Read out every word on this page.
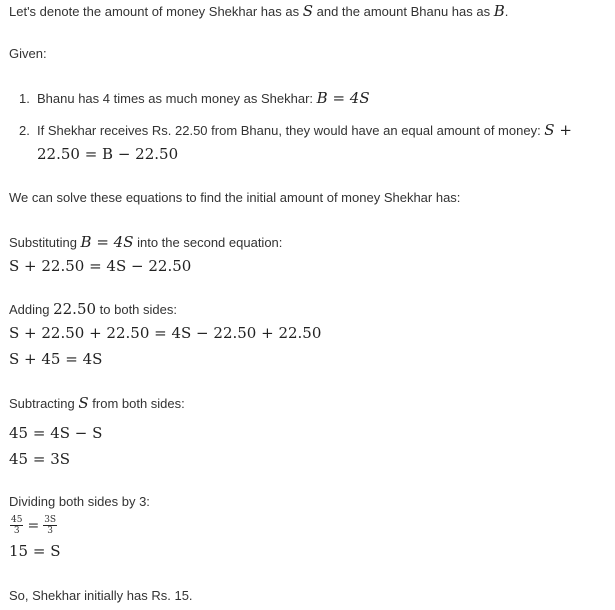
Let's denote the amount of money Shekhar has as S and the amount Bhanu has as B.
Given:
1. Bhanu has 4 times as much money as Shekhar: B = 4S
2. If Shekhar receives Rs. 22.50 from Bhanu, they would have an equal amount of money: S +
22.50 = B − 22.50
We can solve these equations to find the initial amount of money Shekhar has:
Substituting B = 4S into the second equation:
S + 22.50 = 4S − 22.50
Adding 22.50 to both sides:
S + 22.50 + 22.50 = 4S − 22.50 + 22.50
S + 45 = 4S
Subtracting S from both sides:
45 = 4S − S
45 = 3S
Dividing both sides by 3:
$\frac{45}{3} = \frac{3S}{3}$
15 = S
So, Shekhar initially has Rs. 15.
